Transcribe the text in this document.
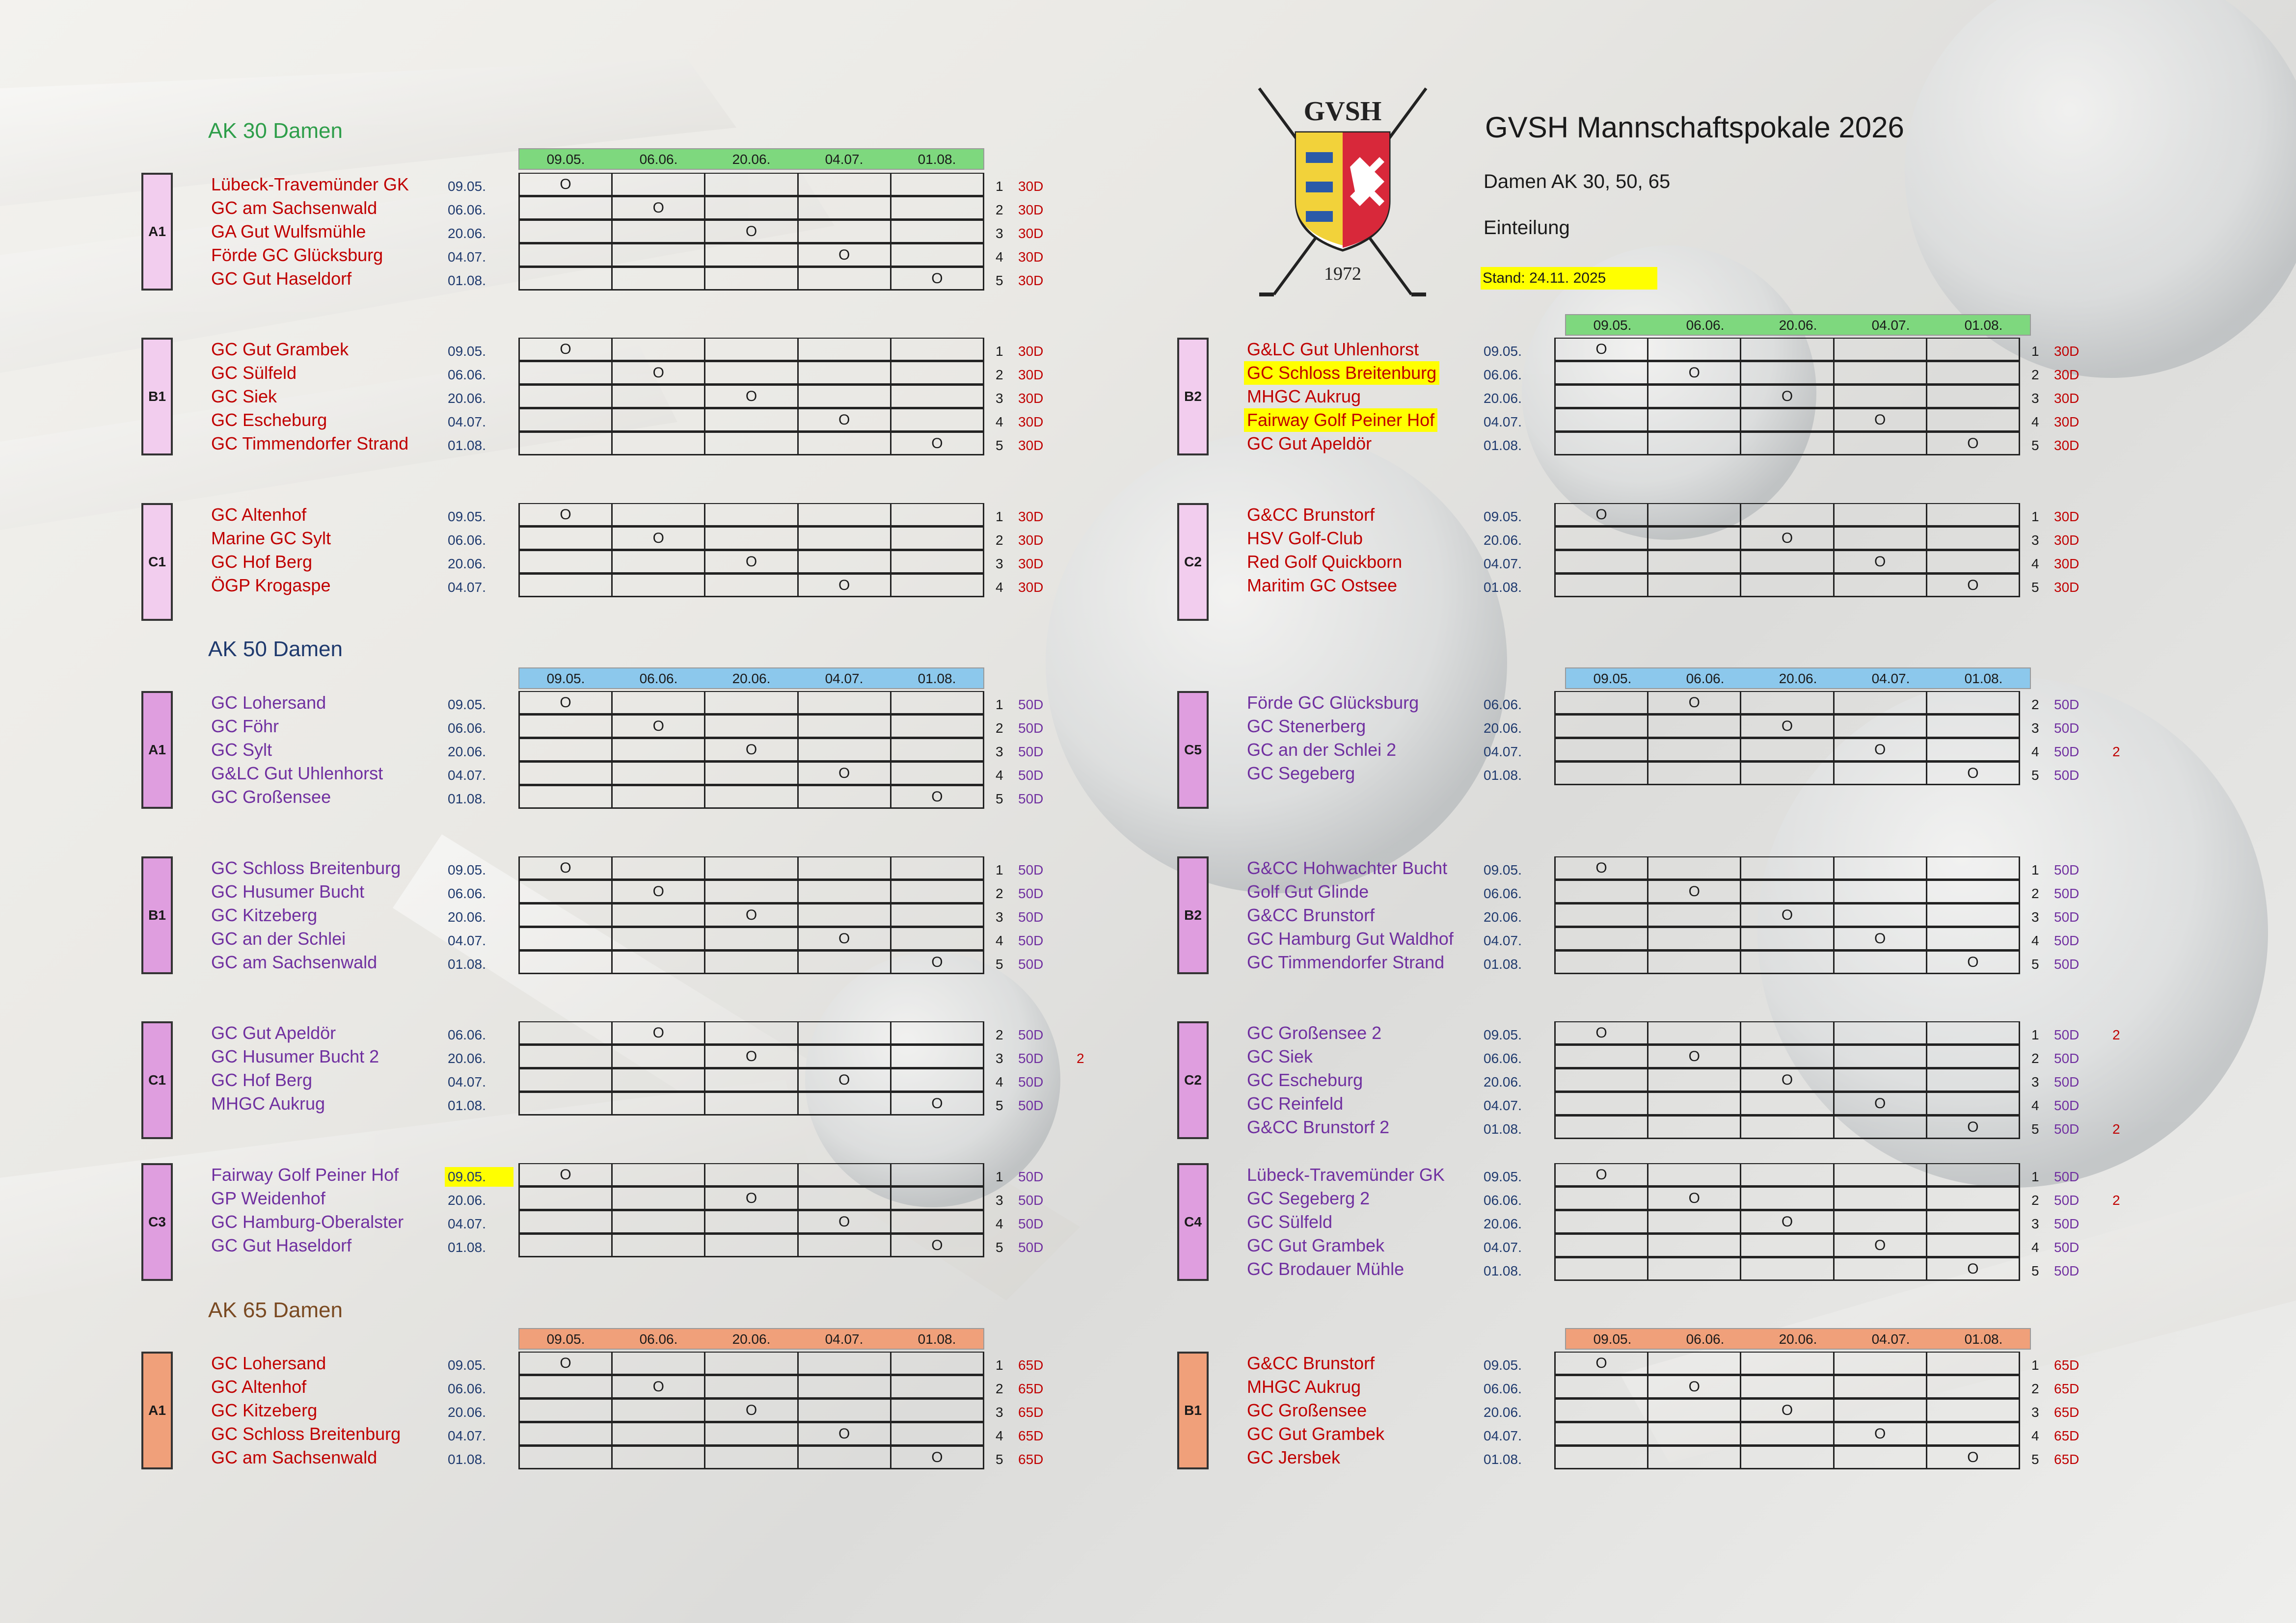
GVSH
1972
GVSH Mannschaftspokale 2026
Damen AK 30, 50, 65
Einteilung
Stand: 24.11. 2025
AK 30 Damen
09.05.	06.06.	20.06.	04.07.	01.08.
09.05.	06.06.	20.06.	04.07.	01.08.
A1
Lübeck-Travemünder GK	09.05.	O	1 30D
GC am Sachsenwald	06.06.	O	2 30D
GA Gut Wulfsmühle	20.06.	O	3 30D
Förde GC Glücksburg	04.07.	O	4 30D
GC Gut Haseldorf	01.08.	O	5 30D
B1
GC Gut Grambek	09.05.	O	1 30D
GC Sülfeld	06.06.	O	2 30D
GC Siek	20.06.	O	3 30D
GC Escheburg	04.07.	O	4 30D
GC Timmendorfer Strand	01.08.	O	5 30D
B2
G&LC Gut Uhlenhorst	09.05.	O	1 30D
GC Schloss Breitenburg	06.06.	O	2 30D
MHGC Aukrug	20.06.	O	3 30D
Fairway Golf Peiner Hof	04.07.	O	4 30D
GC Gut Apeldör	01.08.	O	5 30D
C1
GC Altenhof	09.05.	O	1 30D
Marine GC Sylt	06.06.	O	2 30D
GC Hof Berg	20.06.	O	3 30D
ÖGP Krogaspe	04.07.	O	4 30D
C2
G&CC Brunstorf	09.05.	O	1 30D
HSV Golf-Club	20.06.	O	3 30D
Red Golf Quickborn	04.07.	O	4 30D
Maritim GC Ostsee	01.08.	O	5 30D
AK 50 Damen
09.05.	06.06.	20.06.	04.07.	01.08.	09.05.	06.06.	20.06.	04.07.	01.08.
A1
GC Lohersand	09.05.	O	1 50D
GC Föhr	06.06.	O	2 50D
GC Sylt	20.06.	O	3 50D
G&LC Gut Uhlenhorst	04.07.	O	4 50D
GC Großensee	01.08.	O	5 50D
C5
Förde GC Glücksburg	06.06.	O	2 50D
GC Stenerberg	20.06.	O	3 50D
GC an der Schlei 2	04.07.	O	4 50D 2
GC Segeberg	01.08.	O	5 50D
B1
GC Schloss Breitenburg	09.05.	O	1 50D
GC Husumer Bucht	06.06.	O	2 50D
GC Kitzeberg	20.06.	O	3 50D
GC an der Schlei	04.07.	O	4 50D
GC am Sachsenwald	01.08.	O	5 50D
B2
G&CC Hohwachter Bucht	09.05.	O	1 50D
Golf Gut Glinde	06.06.	O	2 50D
G&CC Brunstorf	20.06.	O	3 50D
GC Hamburg Gut Waldhof 04.07.	O	4 50D
GC Timmendorfer Strand	01.08.	O	5 50D
C1
GC Gut Apeldör	06.06.	O	2 50D
GC Husumer Bucht 2	20.06.	O	3 50D 2
GC Hof Berg	04.07.	O	4 50D
MHGC Aukrug	01.08.	O	5 50D
C2
GC Großensee 2	09.05.	O	1 50D 2
GC Siek	06.06.	O	2 50D
GC Escheburg	20.06.	O	3 50D
GC Reinfeld	04.07.	O	4 50D
G&CC Brunstorf 2	01.08.	O	5 50D 2
C3
Fairway Golf Peiner Hof	09.05.	O	1 50D
GP Weidenhof	20.06.	O	3 50D
GC Hamburg-Oberalster	04.07.	O	4 50D
GC Gut Haseldorf	01.08.	O	5 50D
C4
Lübeck-Travemünder GK	09.05.	O	1 50D
GC Segeberg 2	06.06.	O	2 50D 2
GC Sülfeld	20.06.	O	3 50D
GC Gut Grambek	04.07.	O	4 50D
GC Brodauer Mühle	01.08.	O	5 50D
AK 65 Damen
09.05.	06.06.	20.06.	04.07.	01.08.	09.05.	06.06.	20.06.	04.07.	01.08.
A1
GC Lohersand	09.05.	O	1 65D
GC Altenhof	06.06.	O	2 65D
GC Kitzeberg	20.06.	O	3 65D
GC Schloss Breitenburg	04.07.	O	4 65D
GC am Sachsenwald	01.08.	O	5 65D
B1
G&CC Brunstorf	09.05.	O	1 65D
MHGC Aukrug	06.06.	O	2 65D
GC Großensee	20.06.	O	3 65D
GC Gut Grambek	04.07.	O	4 65D
GC Jersbek	01.08.	O	5 65D
